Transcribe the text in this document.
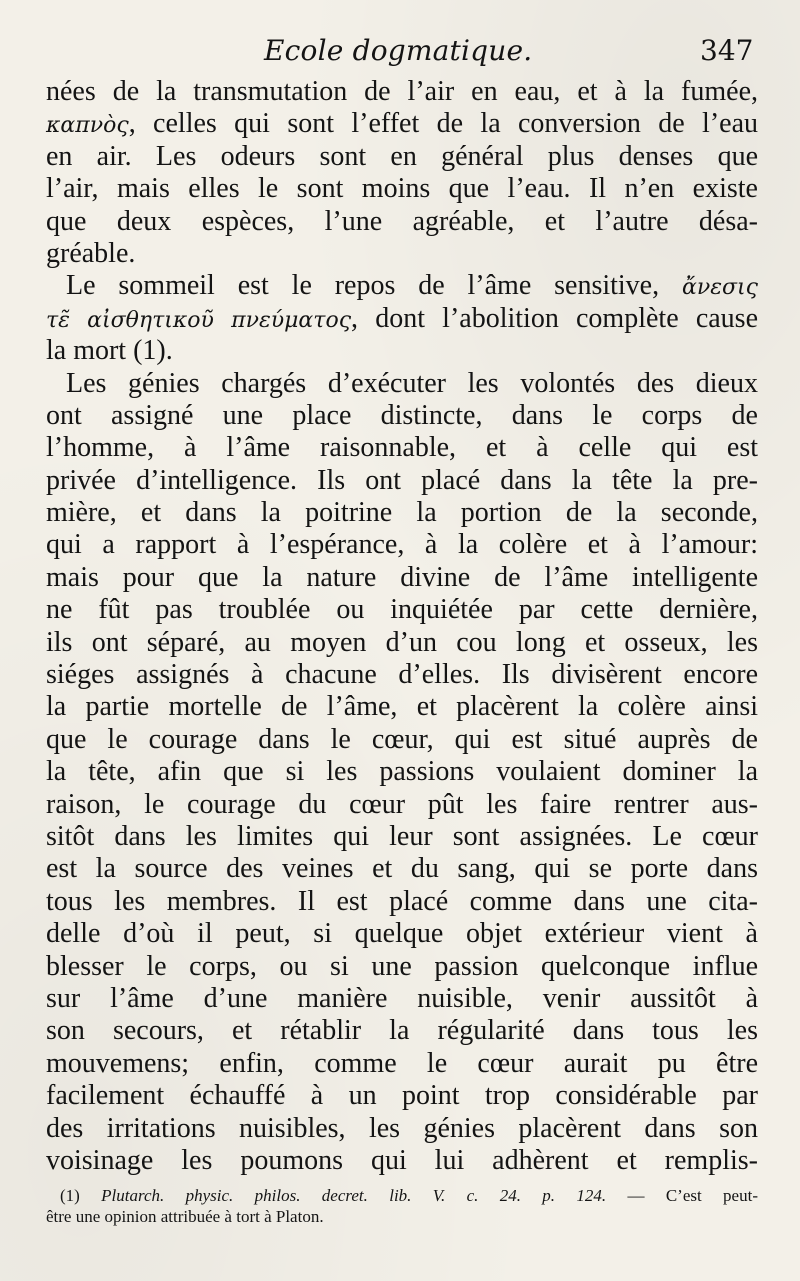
Ecole dogmatique.	347
nées de la transmutation de l’air en eau, et à la fumée,
καπνὸς, celles qui sont l’effet de la conversion de l’eau
en air. Les odeurs sont en général plus denses que
l’air, mais elles le sont moins que l’eau. Il n’en existe
que deux espèces, l’une agréable, et l’autre désa-
gréable.
Le sommeil est le repos de l’âme sensitive, ἄνεσις
τε̃ αἰσθητικοῦ πνεύματος, dont l’abolition complète cause
la mort (1).
Les génies chargés d’exécuter les volontés des dieux
ont assigné une place distincte, dans le corps de
l’homme, à l’âme raisonnable, et à celle qui est
privée d’intelligence. Ils ont placé dans la tête la pre-
mière, et dans la poitrine la portion de la seconde,
qui a rapport à l’espérance, à la colère et à l’amour:
mais pour que la nature divine de l’âme intelligente
ne fût pas troublée ou inquiétée par cette dernière,
ils ont séparé, au moyen d’un cou long et osseux, les
siéges assignés à chacune d’elles. Ils divisèrent encore
la partie mortelle de l’âme, et placèrent la colère ainsi
que le courage dans le cœur, qui est situé auprès de
la tête, afin que si les passions voulaient dominer la
raison, le courage du cœur pût les faire rentrer aus-
sitôt dans les limites qui leur sont assignées. Le cœur
est la source des veines et du sang, qui se porte dans
tous les membres. Il est placé comme dans une cita-
delle d’où il peut, si quelque objet extérieur vient à
blesser le corps, ou si une passion quelconque influe
sur l’âme d’une manière nuisible, venir aussitôt à
son secours, et rétablir la régularité dans tous les
mouvemens; enfin, comme le cœur aurait pu être
facilement échauffé à un point trop considérable par
des irritations nuisibles, les génies placèrent dans son
voisinage les poumons qui lui adhèrent et remplis-
(1) Plutarch. physic. philos. decret. lib. V. c. 24. p. 124. — C’est peut-
être une opinion attribuée à tort à Platon.
